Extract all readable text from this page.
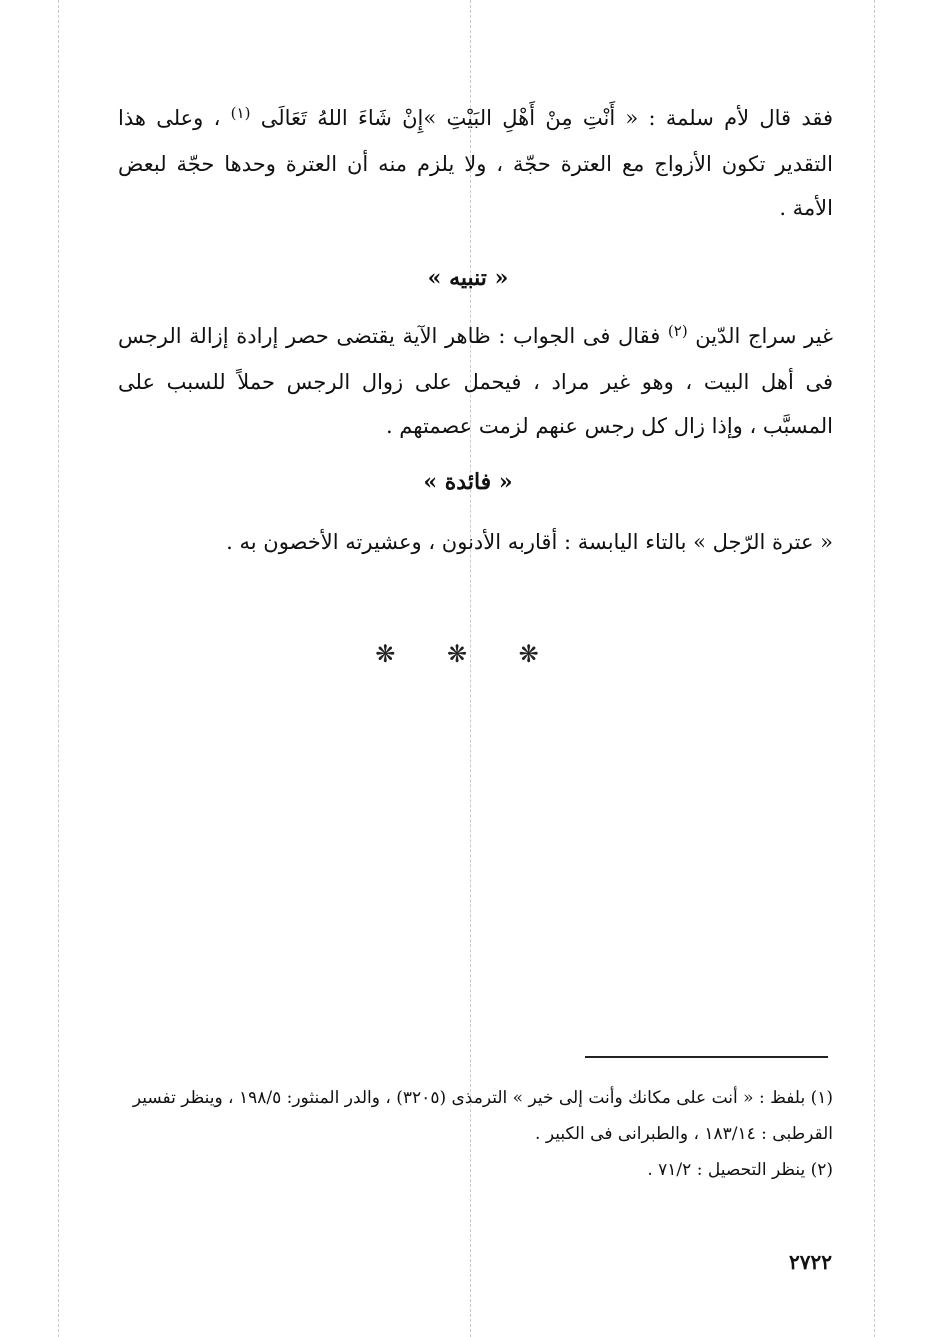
فقد قال لأم سلمة : « أَنْتِ مِنْ أَهْلِ البَيْتِ »إِنْ شَاءَ اللهُ تَعَالَى $^{(١)}$ ، وعلى هذا التقدير تكون الأزواج مع العترة حجّة ، ولا يلزم منه أن العترة وحدها حجّة لبعض الأمة .

« تنبيه »

غير سراج الدّين $^{(٢)}$ فقال فى الجواب : ظاهر الآية يقتضى حصر إرادة إزالة الرجس فى أهل البيت ، وهو غير مراد ، فيحمل على زوال الرجس حملاً للسبب على المسبَّب ، وإذا زال كل رجس عنهم لزمت عصمتهم .

« فائدة »

« عترة الرّجل » بالتاء اليابسة : أقاربه الأدنون ، وعشيرته الأخصون به .

❋ ❋ ❋
(١) بلفظ : « أنت على مكانك وأنت إلى خير » الترمذى (٣٢٠٥) ، والدر المنثور: ١٩٨/٥ ، وينظر تفسير القرطبى : ١٨٣/١٤ ، والطبرانى فى الكبير .
(٢) ينظر التحصيل : ٧١/٢ .
٢٧٢٢
